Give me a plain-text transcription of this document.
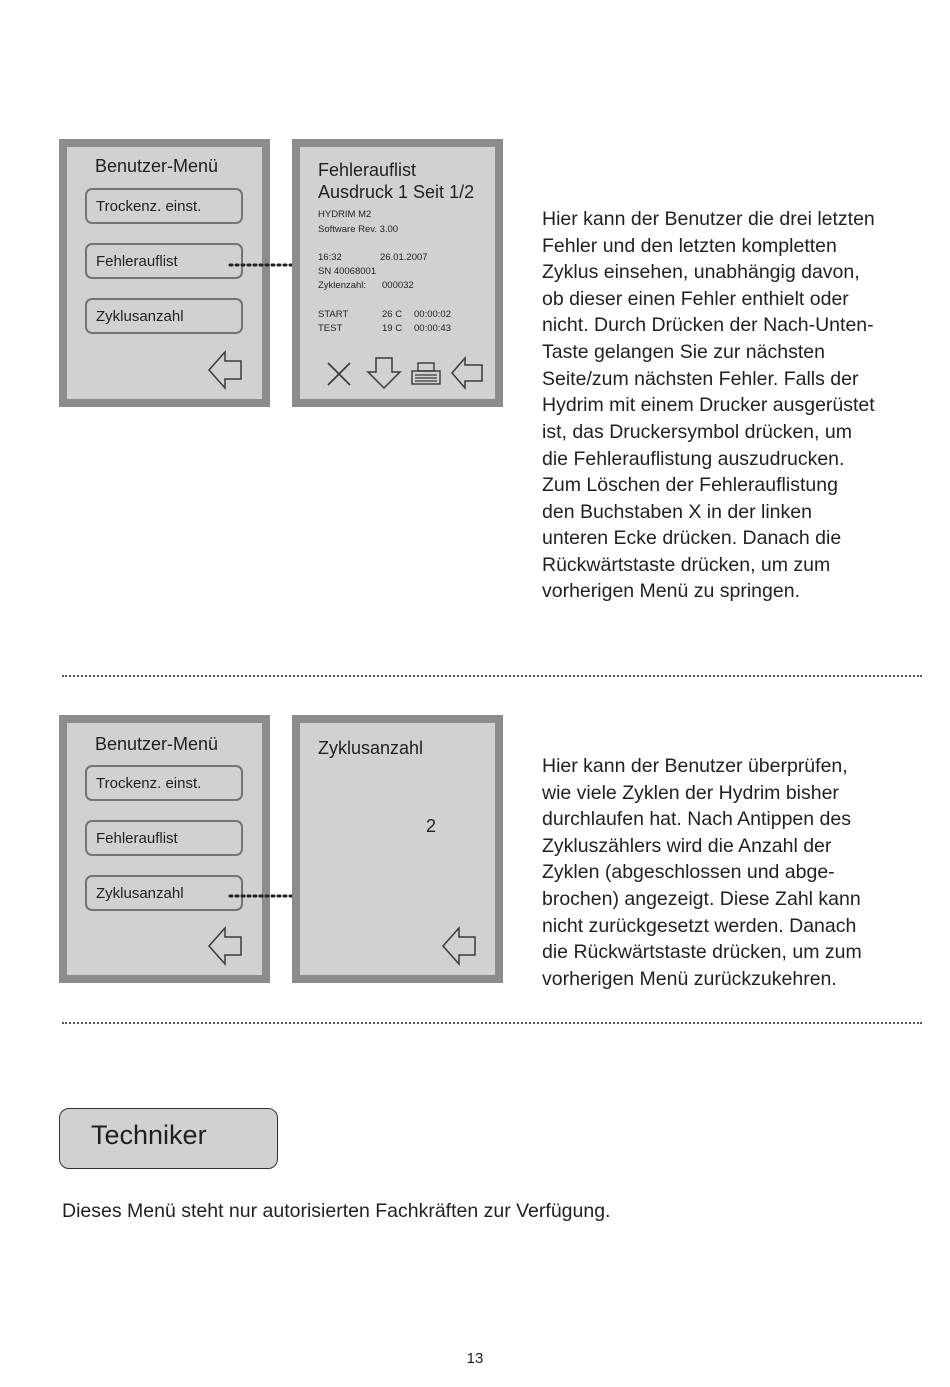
Benutzer-Menü
Trockenz. einst.
Fehlerauflist
Zyklusanzahl
Fehlerauflist
Ausdruck 1 Seit 1/2
HYDRIM M2
Software Rev. 3.00
16:32	26.01.2007
SN 40068001
Zyklenzahl: 000032
START	26 C 00:00:02
TEST	19 C 00:00:43
Hier kann der Benutzer die drei letzten
Fehler und den letzten kompletten
Zyklus einsehen, unabhängig davon,
ob dieser einen Fehler enthielt oder
nicht. Durch Drücken der Nach-Unten-
Taste gelangen Sie zur nächsten
Seite/zum nächsten Fehler. Falls der
Hydrim mit einem Drucker ausgerüstet
ist, das Druckersymbol drücken, um
die Fehlerauflistung auszudrucken.
Zum Löschen der Fehlerauflistung
den Buchstaben X in der linken
unteren Ecke drücken. Danach die
Rückwärtstaste drücken, um zum
vorherigen Menü zu springen.
Benutzer-Menü
Trockenz. einst.
Fehlerauflist
Zyklusanzahl
Zyklusanzahl
2
Hier kann der Benutzer überprüfen,
wie viele Zyklen der Hydrim bisher
durchlaufen hat. Nach Antippen des
Zykluszählers wird die Anzahl der
Zyklen (abgeschlossen und abge-
brochen) angezeigt. Diese Zahl kann
nicht zurückgesetzt werden. Danach
die Rückwärtstaste drücken, um zum
vorherigen Menü zurückzukehren.
Techniker
Dieses Menü steht nur autorisierten Fachkräften zur Verfügung.
13
